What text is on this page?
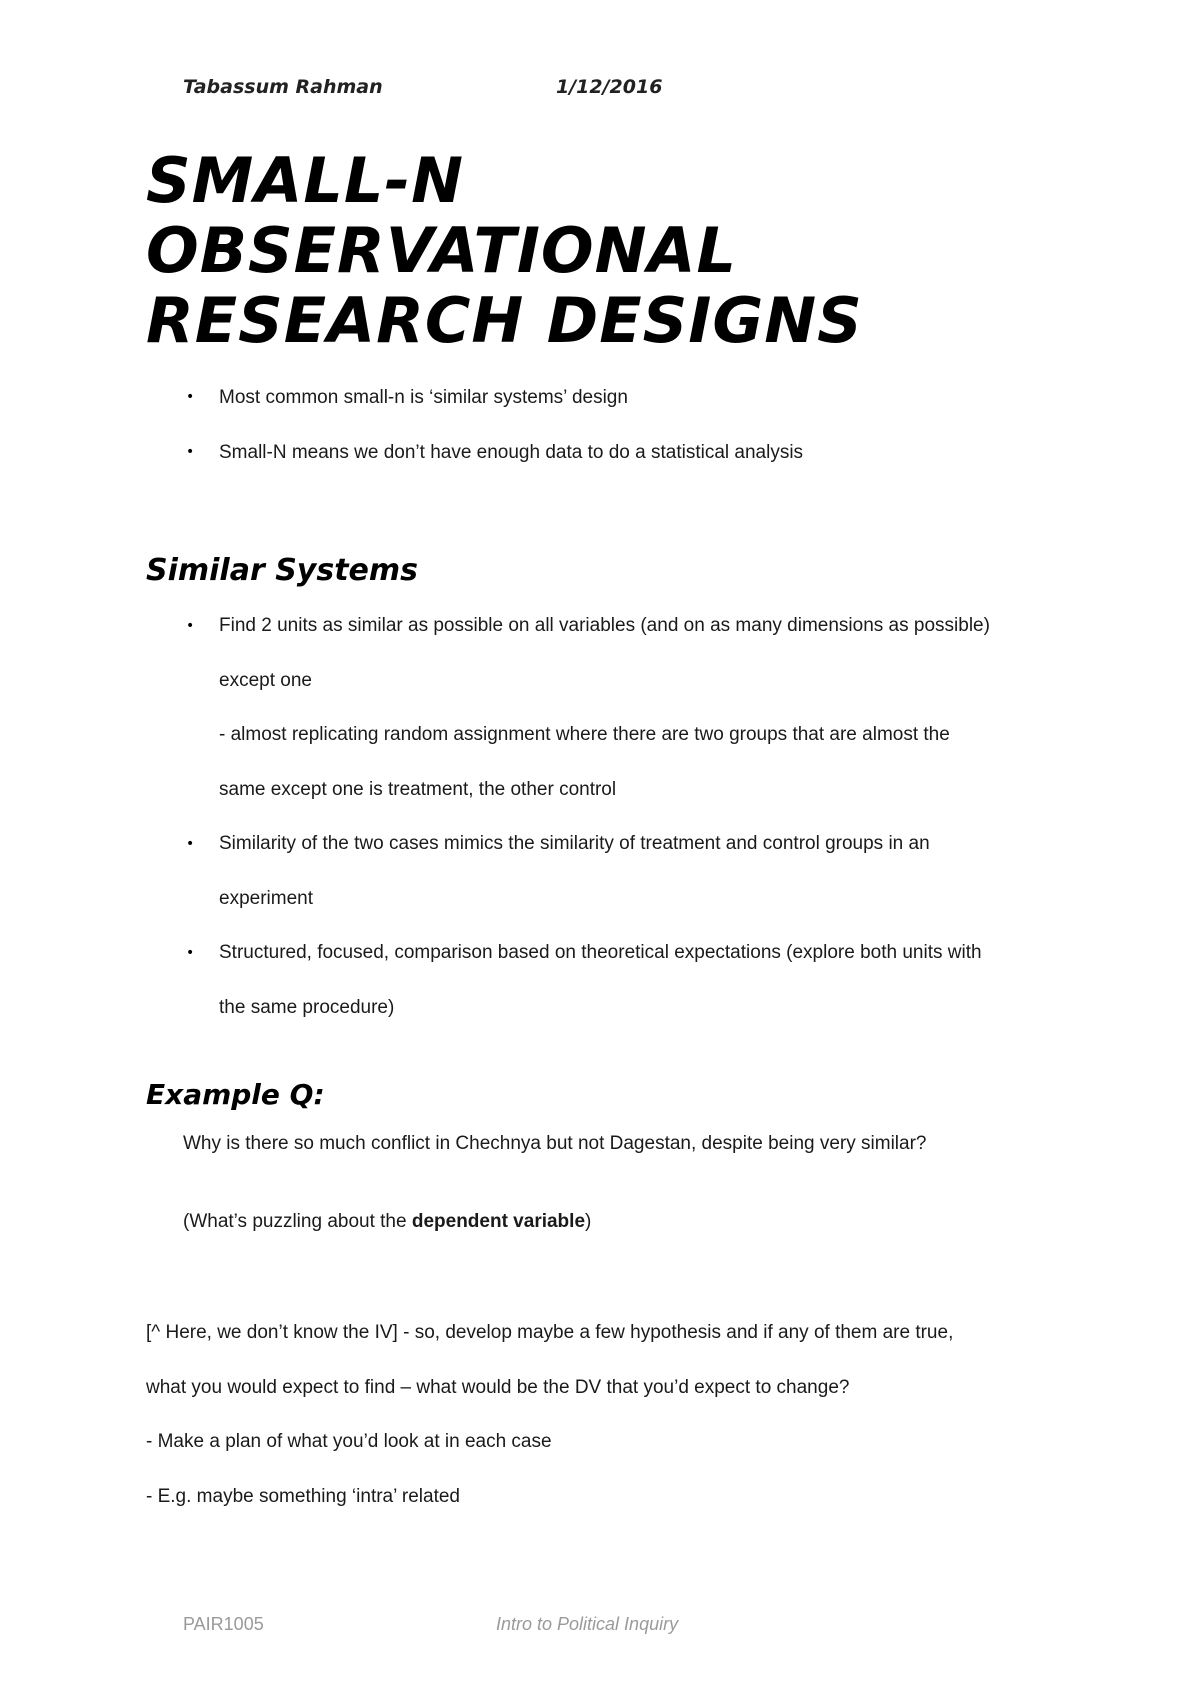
Tabassum Rahman	1/12/2016
SMALL-N
OBSERVATIONAL
RESEARCH DESIGNS
• Most common small-n is ‘similar systems’ design
• Small-N means we don’t have enough data to do a statistical analysis
Similar Systems
• Find 2 units as similar as possible on all variables (and on as many dimensions as possible)
except one
- almost replicating random assignment where there are two groups that are almost the
same except one is treatment, the other control
• Similarity of the two cases mimics the similarity of treatment and control groups in an
experiment
• Structured, focused, comparison based on theoretical expectations (explore both units with
the same procedure)
Example Q:
Why is there so much conflict in Chechnya but not Dagestan, despite being very similar?
(What’s puzzling about the dependent variable)
[^ Here, we don’t know the IV] - so, develop maybe a few hypothesis and if any of them are true,
what you would expect to find – what would be the DV that you’d expect to change?
- Make a plan of what you’d look at in each case
- E.g. maybe something ‘intra’ related
PAIR1005	Intro to Political Inquiry
